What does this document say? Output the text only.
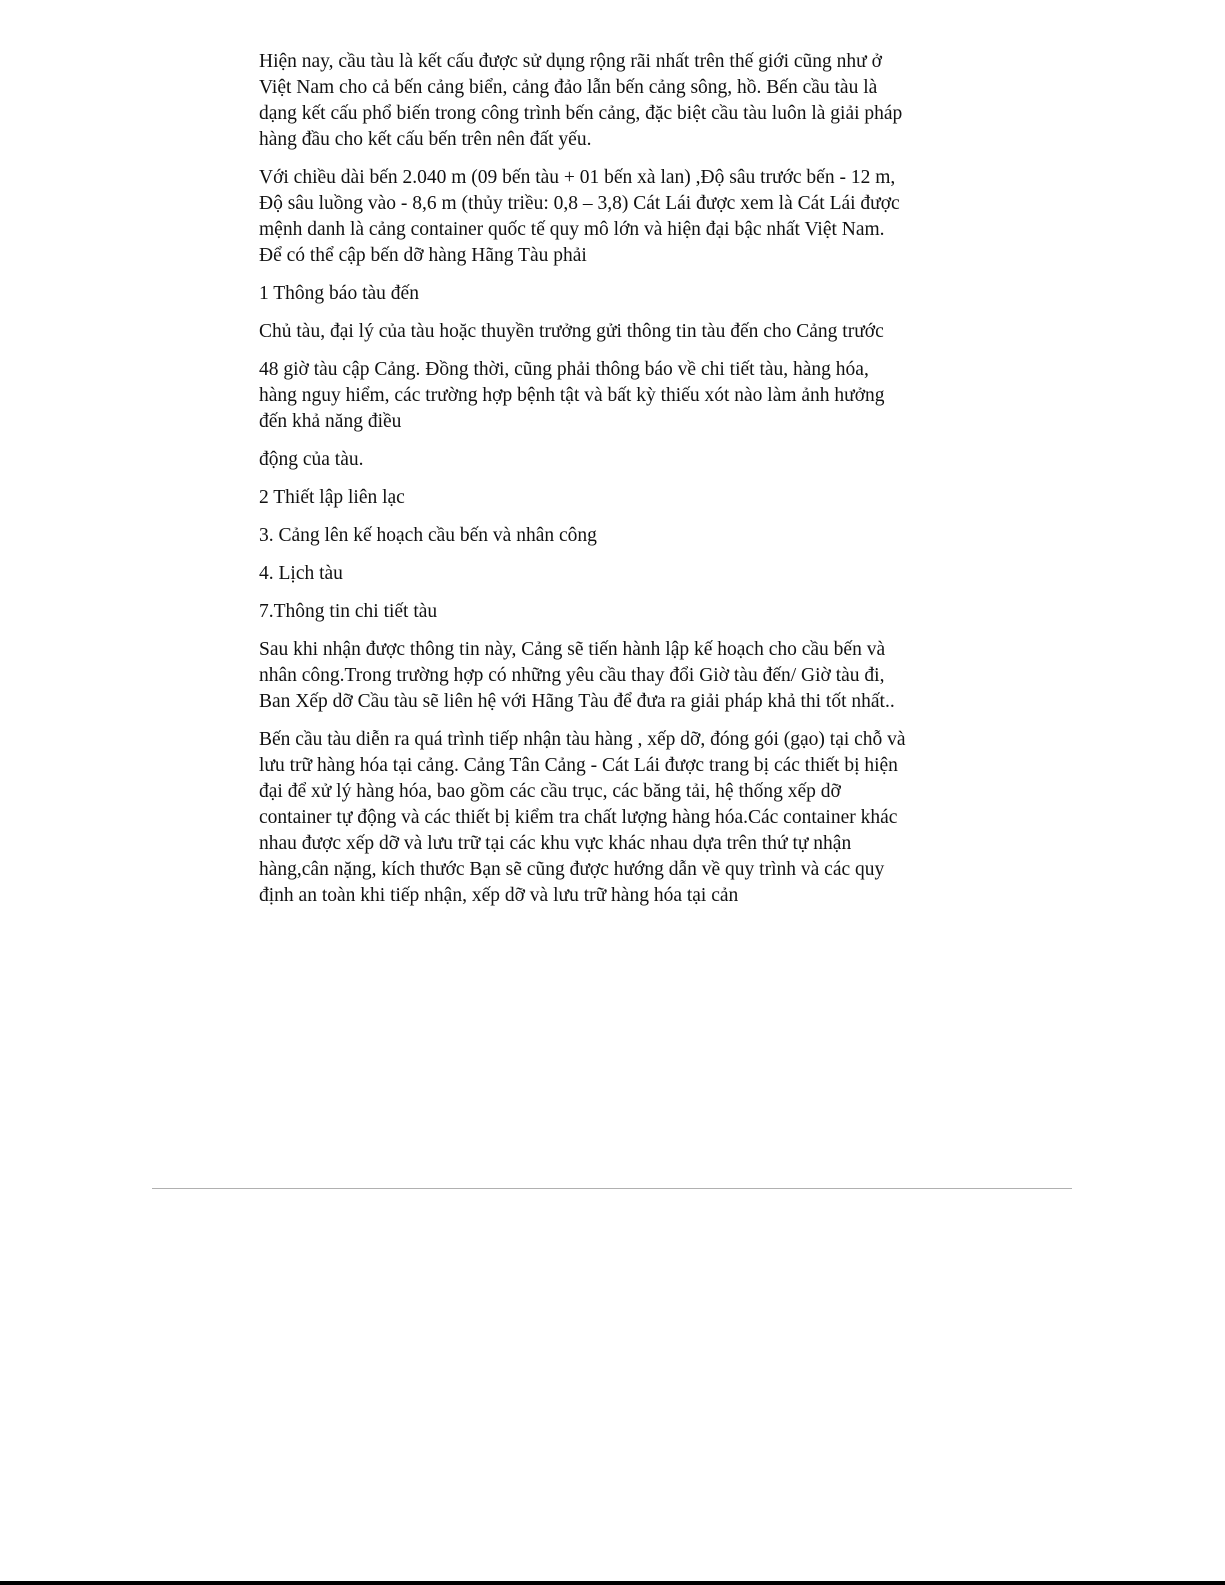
Hiện nay, cầu tàu là kết cấu được sử dụng rộng rãi nhất trên thế giới cũng như ở
Việt Nam cho cả bến cảng biển, cảng đảo lẫn bến cảng sông, hồ. Bến cầu tàu là
dạng kết cấu phổ biến trong công trình bến cảng, đặc biệt cầu tàu luôn là giải pháp
hàng đầu cho kết cấu bến trên nên đất yếu.

Với chiều dài bến 2.040 m (09 bến tàu + 01 bến xà lan) ,Độ sâu trước bến - 12 m,
Độ sâu luồng vào - 8,6 m (thủy triều: 0,8 – 3,8) Cát Lái được xem là Cát Lái được
mệnh danh là cảng container quốc tế quy mô lớn và hiện đại bậc nhất Việt Nam.
Để có thể cập bến dỡ hàng Hãng Tàu phải

1 Thông báo tàu đến

Chủ tàu, đại lý của tàu hoặc thuyền trưởng gửi thông tin tàu đến cho Cảng trước

48 giờ tàu cập Cảng. Đồng thời, cũng phải thông báo về chi tiết tàu, hàng hóa,
hàng nguy hiểm, các trường hợp bệnh tật và bất kỳ thiếu xót nào làm ảnh hưởng
đến khả năng điều

động của tàu.

2 Thiết lập liên lạc

3. Cảng lên kế hoạch cầu bến và nhân công

4. Lịch tàu

7.Thông tin chi tiết tàu

Sau khi nhận được thông tin này, Cảng sẽ tiến hành lập kế hoạch cho cầu bến và
nhân công.Trong trường hợp có những yêu cầu thay đổi Giờ tàu đến/ Giờ tàu đi,
Ban Xếp dỡ Cầu tàu sẽ liên hệ với Hãng Tàu để đưa ra giải pháp khả thi tốt nhất..

Bến cầu tàu diễn ra quá trình tiếp nhận tàu hàng , xếp dỡ, đóng gói (gạo) tại chỗ và
lưu trữ hàng hóa tại cảng. Cảng Tân Cảng - Cát Lái được trang bị các thiết bị hiện
đại để xử lý hàng hóa, bao gồm các cầu trục, các băng tải, hệ thống xếp dỡ
container tự động và các thiết bị kiểm tra chất lượng hàng hóa.Các container khác
nhau được xếp dỡ và lưu trữ tại các khu vực khác nhau dựa trên thứ tự nhận
hàng,cân nặng, kích thước Bạn sẽ cũng được hướng dẫn về quy trình và các quy
định an toàn khi tiếp nhận, xếp dỡ và lưu trữ hàng hóa tại cản
